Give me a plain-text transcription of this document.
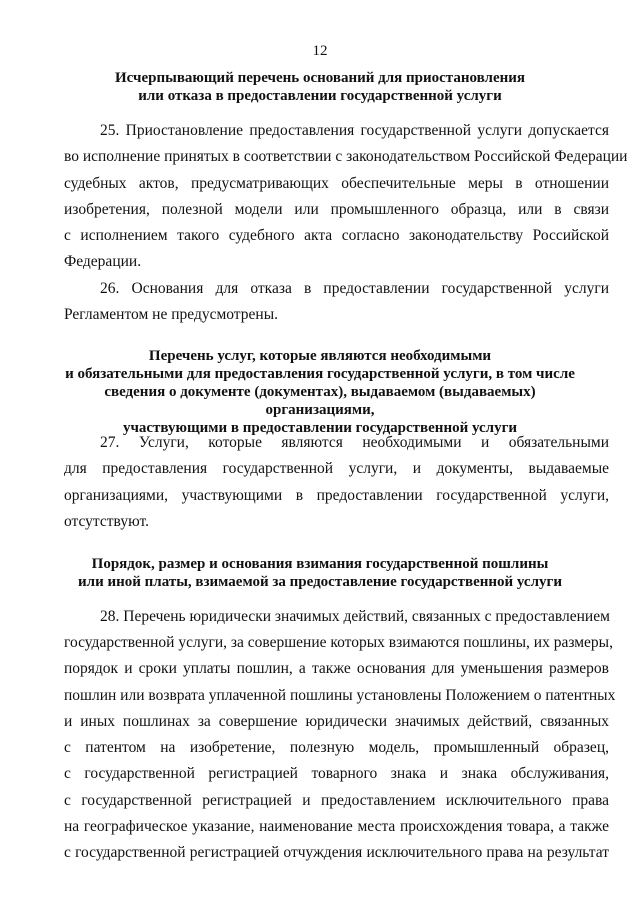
12
Исчерпывающий перечень оснований для приостановления
или отказа в предоставлении государственной услуги
25. Приостановление предоставления государственной услуги допускается
во исполнение принятых в соответствии с законодательством Российской Федерации
судебных актов, предусматривающих обеспечительные меры в отношении
изобретения, полезной модели или промышленного образца, или в связи
с исполнением такого судебного акта согласно законодательству Российской
Федерации.
26. Основания для отказа в предоставлении государственной услуги
Регламентом не предусмотрены.
Перечень услуг, которые являются необходимыми
и обязательными для предоставления государственной услуги, в том числе
сведения о документе (документах), выдаваемом (выдаваемых) организациями,
участвующими в предоставлении государственной услуги
27. Услуги, которые являются необходимыми и обязательными
для предоставления государственной услуги, и документы, выдаваемые
организациями, участвующими в предоставлении государственной услуги,
отсутствуют.
Порядок, размер и основания взимания государственной пошлины
или иной платы, взимаемой за предоставление государственной услуги
28. Перечень юридически значимых действий, связанных с предоставлением
государственной услуги, за совершение которых взимаются пошлины, их размеры,
порядок и сроки уплаты пошлин, а также основания для уменьшения размеров
пошлин или возврата уплаченной пошлины установлены Положением о патентных
и иных пошлинах за совершение юридически значимых действий, связанных
с патентом на изобретение, полезную модель, промышленный образец,
с государственной регистрацией товарного знака и знака обслуживания,
с государственной регистрацией и предоставлением исключительного права
на географическое указание, наименование места происхождения товара, а также
с государственной регистрацией отчуждения исключительного права на результат
